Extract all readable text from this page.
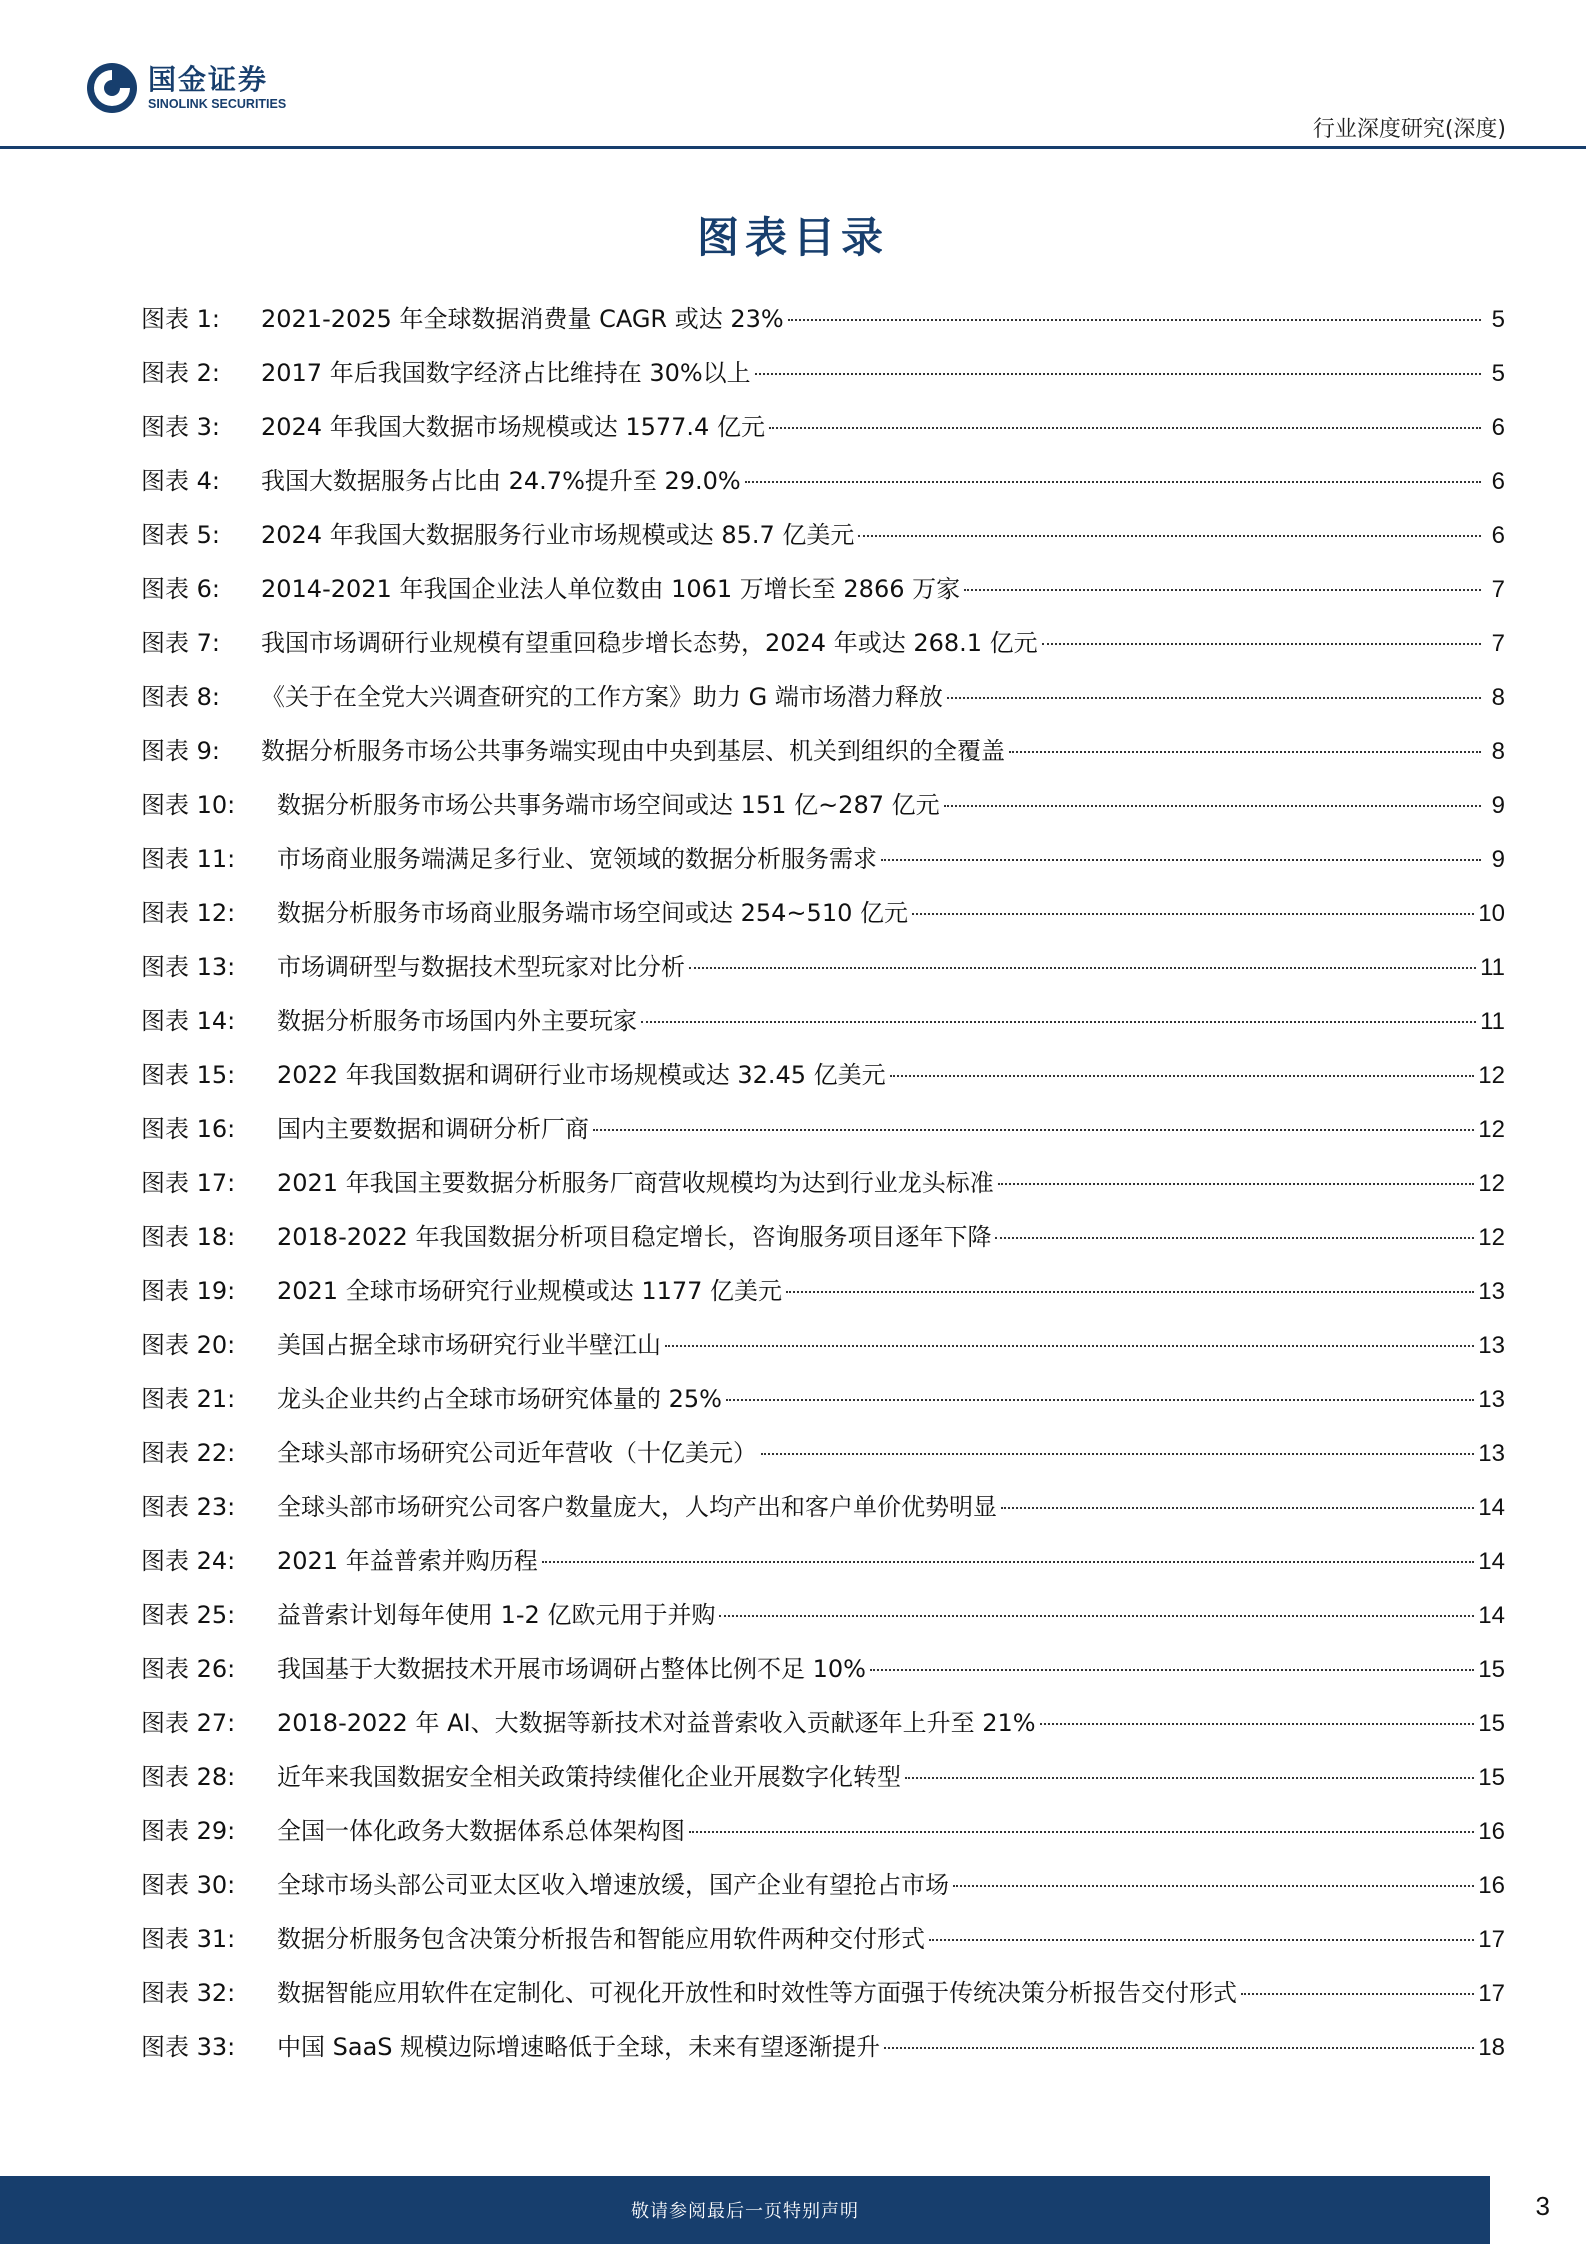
国金证券
SINOLINK SECURITIES
行业深度研究(深度)
图表目录
图表 1:	2021-2025 年全球数据消费量 CAGR 或达 23%	5
图表 2:	2017 年后我国数字经济占比维持在 30%以上	5
图表 3:	2024 年我国大数据市场规模或达 1577.4 亿元	6
图表 4:	我国大数据服务占比由 24.7%提升至 29.0%	6
图表 5:	2024 年我国大数据服务行业市场规模或达 85.7 亿美元	6
图表 6:	2014-2021 年我国企业法人单位数由 1061 万增长至 2866 万家	7
图表 7:	我国市场调研行业规模有望重回稳步增长态势，2024 年或达 268.1 亿元	7
图表 8:	《关于在全党大兴调查研究的工作方案》助力 G 端市场潜力释放	8
图表 9:	数据分析服务市场公共事务端实现由中央到基层、机关到组织的全覆盖	8
图表 10:	数据分析服务市场公共事务端市场空间或达 151 亿~287 亿元	9
图表 11:	市场商业服务端满足多行业、宽领域的数据分析服务需求	9
图表 12:	数据分析服务市场商业服务端市场空间或达 254~510 亿元	10
图表 13:	市场调研型与数据技术型玩家对比分析	11
图表 14:	数据分析服务市场国内外主要玩家	11
图表 15:	2022 年我国数据和调研行业市场规模或达 32.45 亿美元	12
图表 16:	国内主要数据和调研分析厂商	12
图表 17:	2021 年我国主要数据分析服务厂商营收规模均为达到行业龙头标准	12
图表 18:	2018-2022 年我国数据分析项目稳定增长，咨询服务项目逐年下降	12
图表 19:	2021 全球市场研究行业规模或达 1177 亿美元	13
图表 20:	美国占据全球市场研究行业半壁江山	13
图表 21:	龙头企业共约占全球市场研究体量的 25%	13
图表 22:	全球头部市场研究公司近年营收（十亿美元）	13
图表 23:	全球头部市场研究公司客户数量庞大，人均产出和客户单价优势明显	14
图表 24:	2021 年益普索并购历程	14
图表 25:	益普索计划每年使用 1-2 亿欧元用于并购	14
图表 26:	我国基于大数据技术开展市场调研占整体比例不足 10%	15
图表 27:	2018-2022 年 AI、大数据等新技术对益普索收入贡献逐年上升至 21%	15
图表 28:	近年来我国数据安全相关政策持续催化企业开展数字化转型	15
图表 29:	全国一体化政务大数据体系总体架构图	16
图表 30:	全球市场头部公司亚太区收入增速放缓，国产企业有望抢占市场	16
图表 31:	数据分析服务包含决策分析报告和智能应用软件两种交付形式	17
图表 32:	数据智能应用软件在定制化、可视化开放性和时效性等方面强于传统决策分析报告交付形式	17
图表 33:	中国 SaaS 规模边际增速略低于全球，未来有望逐渐提升	18
敬请参阅最后一页特别声明	3
